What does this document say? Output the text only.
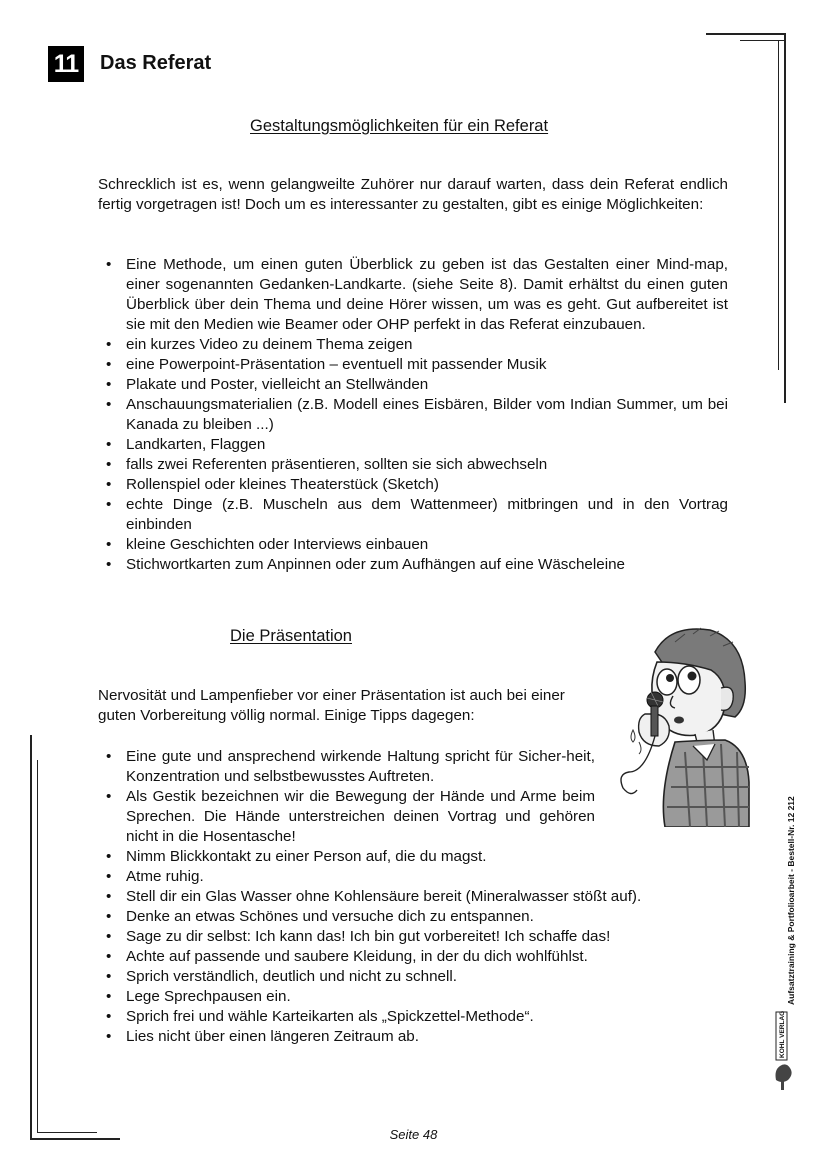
11 Das Referat
Gestaltungsmöglichkeiten für ein Referat

Schrecklich ist es, wenn gelangweilte Zuhörer nur darauf warten, dass dein Referat endlich fertig vorgetragen ist! Doch um es interessanter zu gestalten, gibt es einige Möglichkeiten:

• Eine Methode, um einen guten Überblick zu geben ist das Gestalten einer Mind-map, einer sogenannten Gedanken-Landkarte. (siehe Seite 8). Damit erhältst du einen guten Überblick über dein Thema und deine Hörer wissen, um was es geht. Gut aufbereitet ist sie mit den Medien wie Beamer oder OHP perfekt in das Referat einzubauen.
• ein kurzes Video zu deinem Thema zeigen
• eine Powerpoint-Präsentation – eventuell mit passender Musik
• Plakate und Poster, vielleicht an Stellwänden
• Anschauungsmaterialien (z.B. Modell eines Eisbären, Bilder vom Indian Summer, um bei Kanada zu bleiben ...)
• Landkarten, Flaggen
• falls zwei Referenten präsentieren, sollten sie sich abwechseln
• Rollenspiel oder kleines Theaterstück (Sketch)
• echte Dinge (z.B. Muscheln aus dem Wattenmeer) mitbringen und in den Vortrag einbinden
• kleine Geschichten oder Interviews einbauen
• Stichwortkarten zum Anpinnen oder zum Aufhängen auf eine Wäscheleine
Die Präsentation

Nervosität und Lampenfieber vor einer Präsentation ist auch bei einer guten Vorbereitung völlig normal. Einige Tipps dagegen:

• Eine gute und ansprechend wirkende Haltung spricht für Sicher-heit, Konzentration und selbstbewusstes Auftreten.
• Als Gestik bezeichnen wir die Bewegung der Hände und Arme beim Sprechen. Die Hände unterstreichen deinen Vortrag und gehören nicht in die Hosentasche!
• Nimm Blickkontakt zu einer Person auf, die du magst.
• Atme ruhig.
• Stell dir ein Glas Wasser ohne Kohlensäure bereit (Mineralwasser stößt auf).
• Denke an etwas Schönes und versuche dich zu entspannen.
• Sage zu dir selbst: Ich kann das! Ich bin gut vorbereitet! Ich schaffe das!
• Achte auf passende und saubere Kleidung, in der du dich wohlfühlst.
• Sprich verständlich, deutlich und nicht zu schnell.
• Lege Sprechpausen ein.
• Sprich frei und wähle Karteikarten als „Spickzettel-Methode“.
• Lies nicht über einen längeren Zeitraum ab.
Aufsatztraining & Portfolioarbeit - Bestell-Nr. 12 212
KOHL VERLAG
Seite 48
